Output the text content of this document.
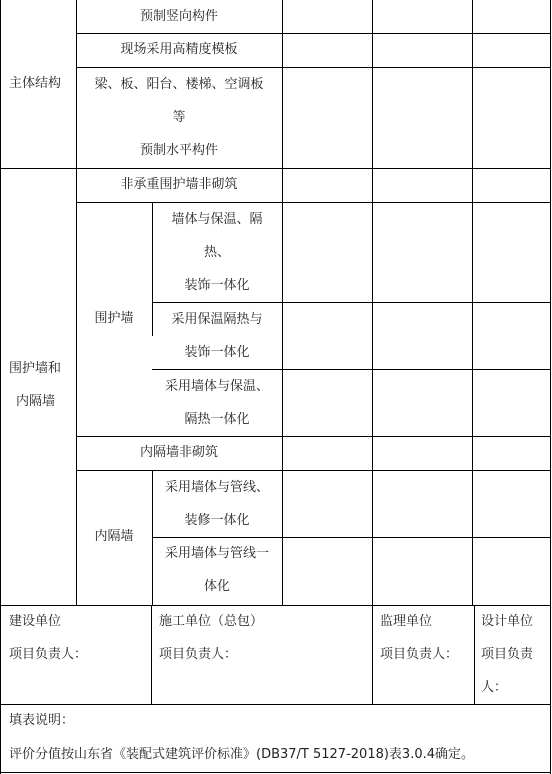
主体结构
预制竖向构件
现场采用高精度模板
梁、板、阳台、楼梯、空调板
等
预制水平构件
围护墙和
内隔墙
非承重围护墙非砌筑
围护墙
墙体与保温、隔
热、
装饰一体化
采用保温隔热与
装饰一体化
采用墙体与保温、
隔热一体化
内隔墙非砌筑
内隔墙
采用墙体与管线、
装修一体化
采用墙体与管线一
体化
建设单位
项目负责人：
施工单位（总包）
项目负责人：
监理单位
项目负责人：
设计单位
项目负责
人：
填表说明：
评价分值按山东省《装配式建筑评价标准》(DB37/T 5127-2018)表3.0.4确定。
